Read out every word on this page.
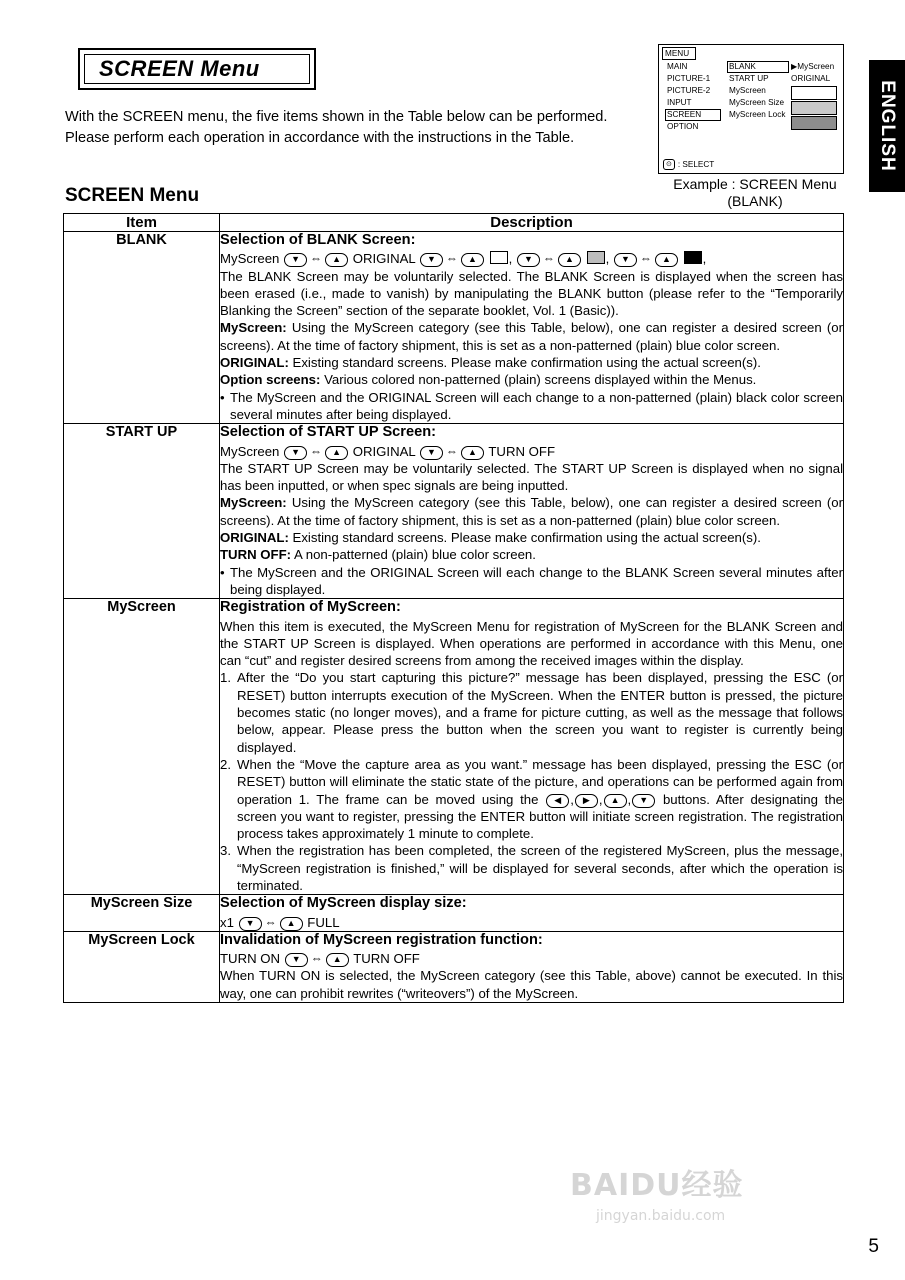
SCREEN Menu
With the SCREEN menu, the five items shown in the Table below can be performed.
Please perform each operation in accordance with the instructions in the Table.
SCREEN Menu
MENU
MAIN
PICTURE-1
PICTURE-2
INPUT
SCREEN
OPTION
BLANK
START UP
MyScreen
MyScreen Size
MyScreen Lock
▶MyScreen
ORIGINAL
⊙ : SELECT
Example : SCREEN Menu
(BLANK)
ENGLISH
Item	Description
BLANK	Selection of BLANK Screen:

MyScreen ▼ ⇔ ▲ ORIGINAL ▼ ⇔ ▲ , ▼ ⇔ ▲ , ▼ ⇔ ▲ ,

The BLANK Screen may be voluntarily selected. The BLANK Screen is displayed when the screen has been erased (i.e., made to vanish) by manipulating the BLANK button (please refer to the “Temporarily Blanking the Screen” section of the separate booklet, Vol. 1 (Basic)).

MyScreen: Using the MyScreen category (see this Table, below), one can register a desired screen (or screens). At the time of factory shipment, this is set as a non-patterned (plain) blue color screen.

ORIGINAL: Existing standard screens. Please make confirmation using the actual screen(s).

Option screens: Various colored non-patterned (plain) screens displayed within the Menus.

• The MyScreen and the ORIGINAL Screen will each change to a non-patterned (plain) black color screen several minutes after being displayed.

START UP	Selection of START UP Screen:

MyScreen ▼ ⇔ ▲ ORIGINAL ▼ ⇔ ▲ TURN OFF

The START UP Screen may be voluntarily selected. The START UP Screen is displayed when no signal has been inputted, or when spec signals are being inputted.

MyScreen: Using the MyScreen category (see this Table, below), one can register a desired screen (or screens). At the time of factory shipment, this is set as a non-patterned (plain) blue color screen.

ORIGINAL: Existing standard screens. Please make confirmation using the actual screen(s).

TURN OFF: A non-patterned (plain) blue color screen.

• The MyScreen and the ORIGINAL Screen will each change to the BLANK Screen several minutes after being displayed.

MyScreen	Registration of MyScreen:

When this item is executed, the MyScreen Menu for registration of MyScreen for the BLANK Screen and the START UP Screen is displayed. When operations are performed in accordance with this Menu, one can “cut” and register desired screens from among the received images within the display.

1. After the “Do you start capturing this picture?” message has been displayed, pressing the ESC (or RESET) button interrupts execution of the MyScreen. When the ENTER button is pressed, the picture becomes static (no longer moves), and a frame for picture cutting, as well as the message that follows below, appear. Please press the button when the screen you want to register is currently being displayed.
2. When the “Move the capture area as you want.” message has been displayed, pressing the ESC (or RESET) button will eliminate the static state of the picture, and operations can be performed again from operation 1. The frame can be moved using the ◀ , ▶ , ▲ , ▼ buttons. After designating the screen you want to register, pressing the ENTER button will initiate screen registration. The registration process takes approximately 1 minute to complete.
3. When the registration has been completed, the screen of the registered MyScreen, plus the message, “MyScreen registration is finished,” will be displayed for several seconds, after which the operation is terminated.

MyScreen Size	Selection of MyScreen display size:

x1 ▼ ⇔ ▲ FULL

MyScreen Lock	Invalidation of MyScreen registration function:

TURN ON ▼ ⇔ ▲ TURN OFF

When TURN ON is selected, the MyScreen category (see this Table, above) cannot be executed. In this way, one can prohibit rewrites (“writeovers”) of the MyScreen.

BAIDU经验
jingyan.baidu.com
5
